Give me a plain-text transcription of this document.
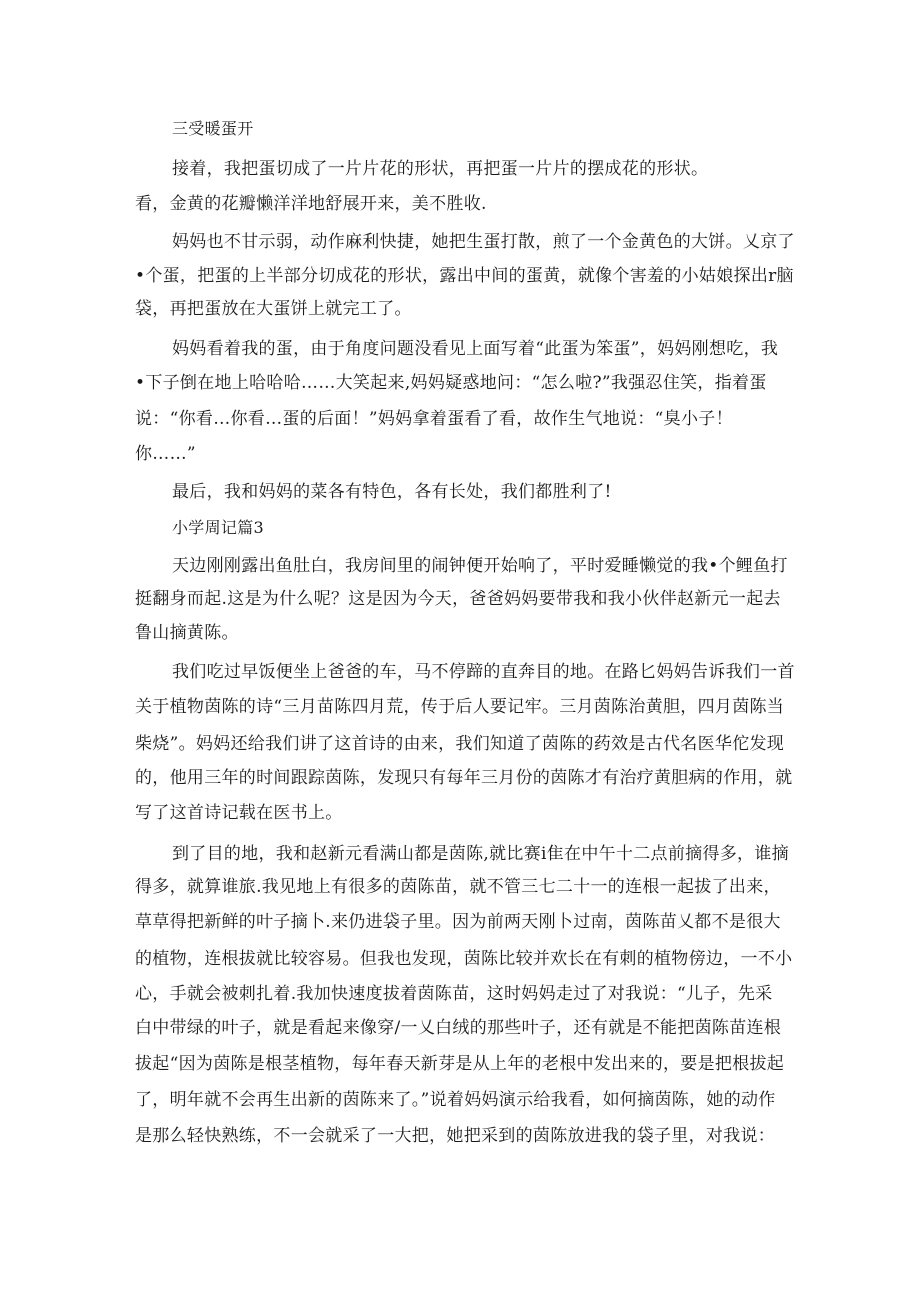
三受暖蛋开
接着，我把蛋切成了一片片花的形状，再把蛋一片片的摆成花的形状。
看，金黄的花瓣懒洋洋地舒展开来，美不胜收.
妈妈也不甘示弱，动作麻利快捷，她把生蛋打散，煎了一个金黄色的大饼。乂京了
•个蛋，把蛋的上半部分切成花的形状，露出中间的蛋黄，就像个害羞的小姑娘探出r脑
袋，再把蛋放在大蛋饼上就完工了。
妈妈看着我的蛋，由于角度问题没看见上面写着“此蛋为笨蛋”，妈妈刚想吃，我
•下子倒在地上哈哈哈……大笑起来,妈妈疑惑地问：“怎么啦?”我强忍住笑，指着蛋
说：“你看…你看…蛋的后面！”妈妈拿着蛋看了看，故作生气地说：“臭小子！
你……”
最后，我和妈妈的菜各有特色，各有长处，我们都胜利了!
小学周记篇3
天边刚刚露出鱼肚白，我房间里的闹钟便开始响了，平时爱睡懒觉的我•个鲤鱼打
挺翻身而起.这是为什么呢？这是因为今天，爸爸妈妈要带我和我小伙伴赵新元一起去
鲁山摘黄陈。
我们吃过早饭便坐上爸爸的车，马不停蹄的直奔目的地。在路匕妈妈告诉我们一首
关于植物茵陈的诗“三月苗陈四月荒，传于后人要记牢。三月茵陈治黄胆，四月茵陈当
柴烧”。妈妈还给我们讲了这首诗的由来，我们知道了茵陈的药效是古代名医华佗发现
的，他用三年的时间跟踪茵陈，发现只有每年三月份的茵陈才有治疗黄胆病的作用，就
写了这首诗记载在医书上。
到了目的地，我和赵新元看满山都是茵陈,就比赛i隹在中午十二点前摘得多，谁摘
得多，就算谁旅.我见地上有很多的茵陈苗，就不管三七二十一的连根一起拔了出来，
草草得把新鲜的叶子摘卜.来仍进袋子里。因为前两天刚卜过南，茵陈苗乂都不是很大
的植物，连根拔就比较容易。但我也发现，茵陈比较并欢长在有刺的植物傍边，一不小
心，手就会被刺扎着.我加快速度拔着茵陈苗，这时妈妈走过了对我说：“儿子，先采
白中带绿的叶子，就是看起来像穿/一乂白绒的那些叶子，还有就是不能把茵陈苗连根
拔起“因为茵陈是根茎植物，每年春天新芽是从上年的老根中发出来的，要是把根拔起
了，明年就不会再生出新的茵陈来了。”说着妈妈演示给我看，如何摘茵陈，她的动作
是那么轻快熟练，不一会就采了一大把，她把采到的茵陈放进我的袋子里，对我说：
